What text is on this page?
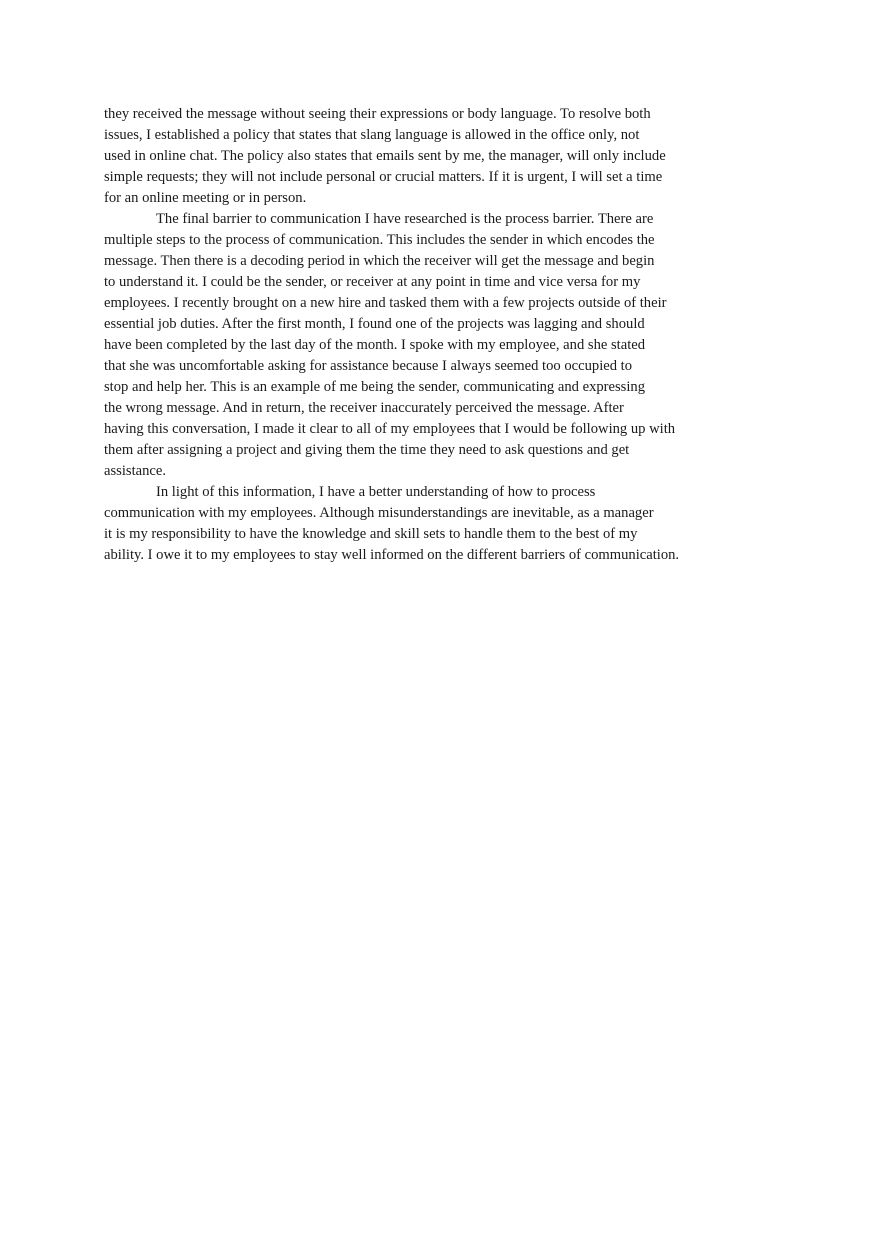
they received the message without seeing their expressions or body language. To resolve both
issues, I established a policy that states that slang language is allowed in the office only, not
used in online chat. The policy also states that emails sent by me, the manager, will only include
simple requests; they will not include personal or crucial matters. If it is urgent, I will set a time
for an online meeting or in person.
The final barrier to communication I have researched is the process barrier. There are
multiple steps to the process of communication. This includes the sender in which encodes the
message. Then there is a decoding period in which the receiver will get the message and begin
to understand it. I could be the sender, or receiver at any point in time and vice versa for my
employees. I recently brought on a new hire and tasked them with a few projects outside of their
essential job duties. After the first month, I found one of the projects was lagging and should
have been completed by the last day of the month. I spoke with my employee, and she stated
that she was uncomfortable asking for assistance because I always seemed too occupied to
stop and help her. This is an example of me being the sender, communicating and expressing
the wrong message. And in return, the receiver inaccurately perceived the message. After
having this conversation, I made it clear to all of my employees that I would be following up with
them after assigning a project and giving them the time they need to ask questions and get
assistance.
In light of this information, I have a better understanding of how to process
communication with my employees. Although misunderstandings are inevitable, as a manager
it is my responsibility to have the knowledge and skill sets to handle them to the best of my
ability. I owe it to my employees to stay well informed on the different barriers of communication.
